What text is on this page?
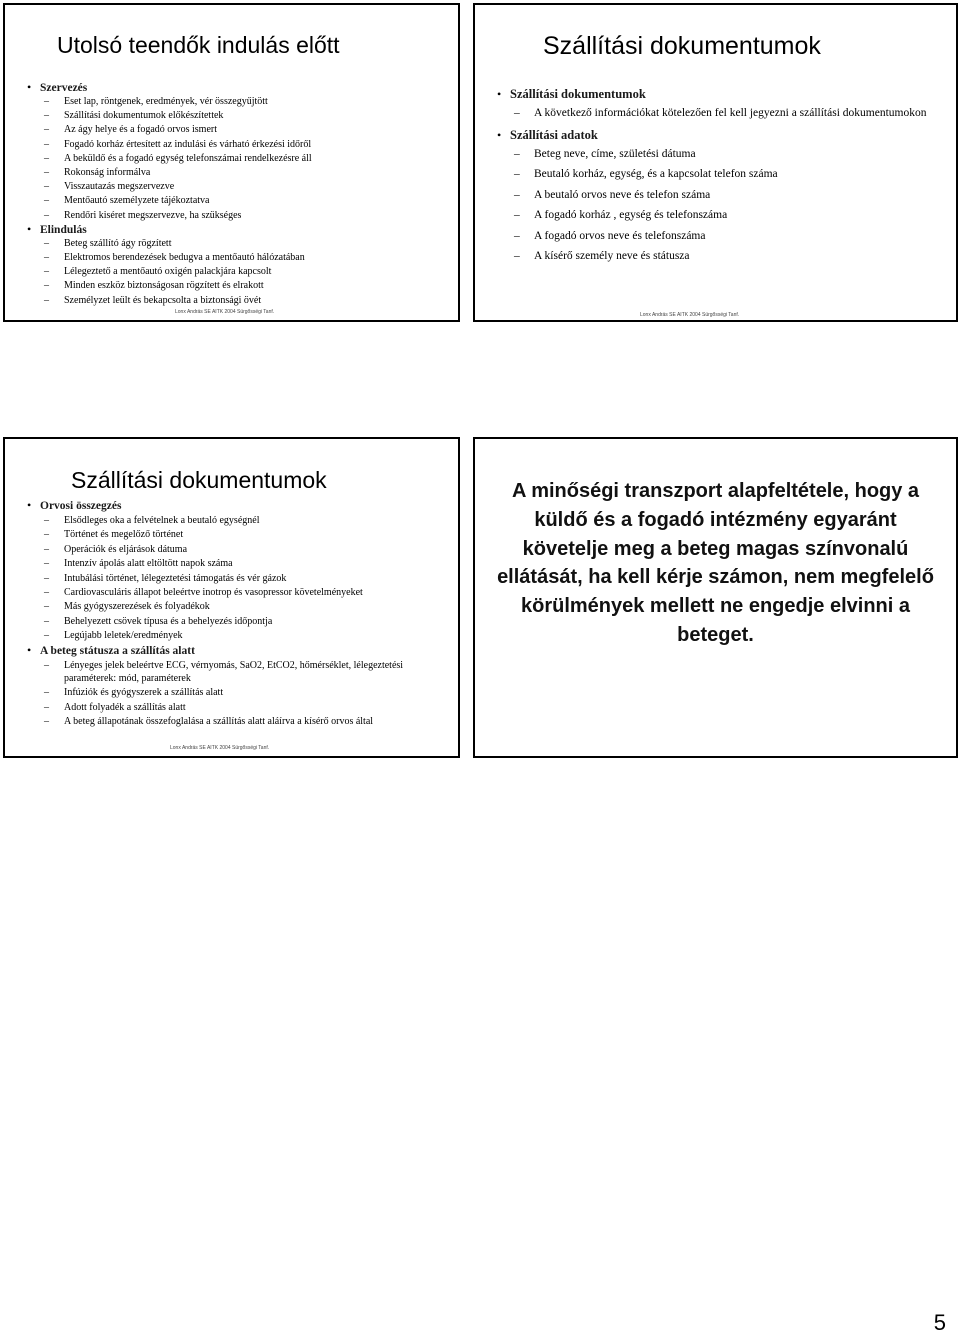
Utolsó teendők indulás előtt
• Szervezés
–	Eset lap, röntgenek, eredmények, vér összegyűjtött
–	Szállítási dokumentumok előkészítettek
–	Az ágy helye és a fogadó orvos ismert
–	Fogadó korház értesített az indulási és várható érkezési időről
–	A beküldő és a fogadó egység telefonszámai rendelkezésre áll
–	Rokonság informálva
–	Visszautazás megszervezve
–	Mentőautó személyzete tájékoztatva
–	Rendőri kiséret megszervezve, ha szükséges
• Elindulás
–	Beteg szállító ágy rögzített
–	Elektromos berendezések bedugva a mentőautó hálózatában
–	Lélegeztető a mentőautó oxigén palackjára kapcsolt
–	Minden eszköz biztonságosan rögzített és elrakott
–	Személyzet leült és bekapcsolta a biztonsági övét
Lonx András SE AITK 2004 Sürgősségi Tanf.
Szállítási dokumentumok
• Szállítási dokumentumok
–	A következő információkat kötelezően fel kell jegyezni a szállítási dokumentumokon
• Szállítási adatok
–	Beteg neve, címe, születési dátuma
–	Beutaló korház, egység, és a kapcsolat telefon száma
–	A beutaló orvos neve és telefon száma
–	A fogadó korház , egység és telefonszáma
–	A fogadó orvos neve és telefonszáma
–	A kísérő személy neve és státusza
Lonx András SE AITK 2004 Sürgősségi Tanf.
Szállítási dokumentumok
• Orvosi összegzés
–	Elsődleges oka a felvételnek a beutaló egységnél
–	Történet és megelőző történet
–	Operációk és eljárások dátuma
–	Intenzív ápolás alatt eltöltött napok száma
–	Intubálási történet, lélegeztetési támogatás és vér gázok
–	Cardiovasculáris állapot beleértve inotrop és vasopressor követelményeket
–	Más gyógyszerezések és folyadékok
–	Behelyezett csövek típusa és a behelyezés időpontja
–	Legújabb leletek/eredmények
• A beteg státusza a szállítás alatt
–	Lényeges jelek beleértve ECG, vérnyomás, SaO2, EtCO2, hőmérséklet, lélegeztetési paraméterek: mód, paraméterek
–	Infúziók és gyógyszerek a szállítás alatt
–	Adott folyadék a szállítás alatt
–	A beteg állapotának összefoglalása a szállítás alatt aláírva a kísérő orvos által
Lonx András SE AITK 2004 Sürgősségi Tanf.
A minőségi transzport alapfeltétele, hogy a küldő és a fogadó intézmény egyaránt követelje meg a beteg magas színvonalú ellátását, ha kell kérje számon, nem megfelelő körülmények mellett ne engedje elvinni a beteget.
5
